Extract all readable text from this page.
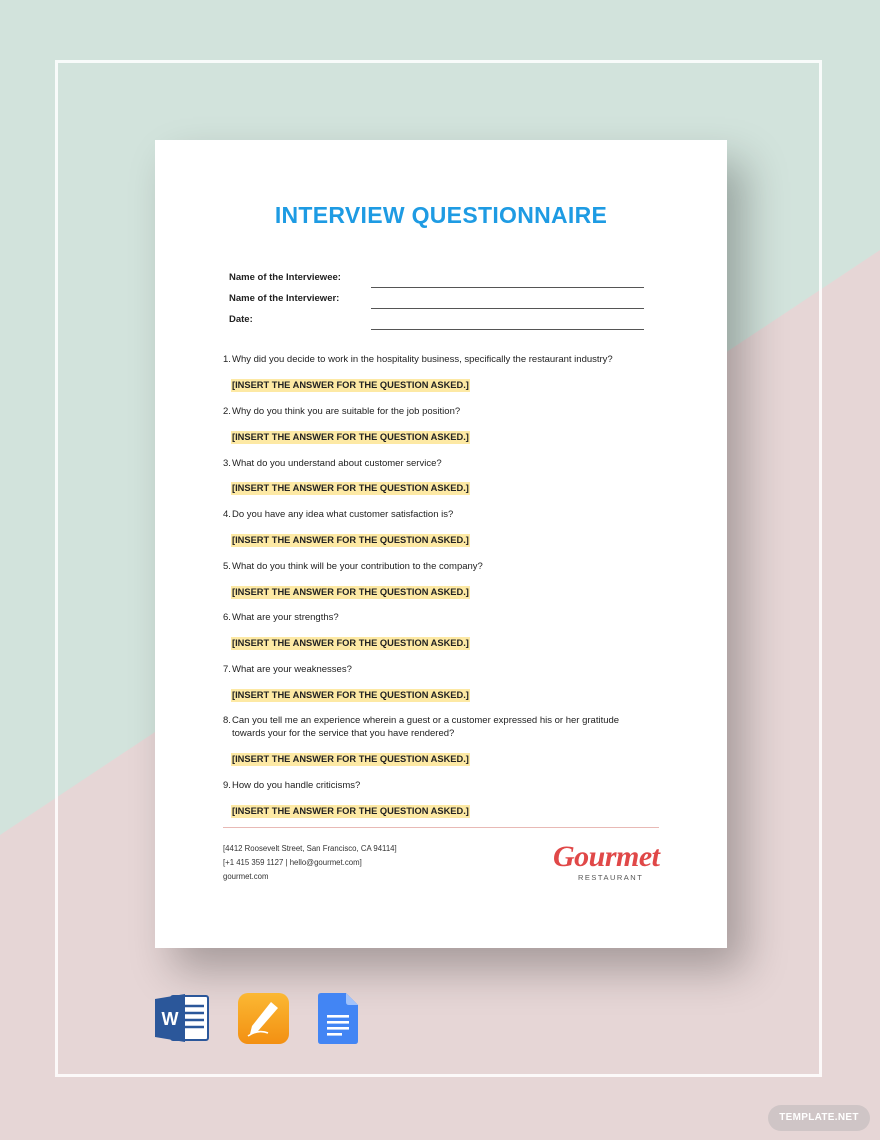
INTERVIEW QUESTIONNAIRE
Name of the Interviewee:
Name of the Interviewer:
Date:
1.Why did you decide to work in the hospitality business, specifically the restaurant industry?
[INSERT THE ANSWER FOR THE QUESTION ASKED.]
2.Why do you think you are suitable for the job position?
[INSERT THE ANSWER FOR THE QUESTION ASKED.]
3.What do you understand about customer service?
[INSERT THE ANSWER FOR THE QUESTION ASKED.]
4.Do you have any idea what customer satisfaction is?
[INSERT THE ANSWER FOR THE QUESTION ASKED.]
5.What do you think will be your contribution to the company?
[INSERT THE ANSWER FOR THE QUESTION ASKED.]
6.What are your strengths?
[INSERT THE ANSWER FOR THE QUESTION ASKED.]
7.What are your weaknesses?
[INSERT THE ANSWER FOR THE QUESTION ASKED.]
8. Can you tell me an experience wherein a guest or a customer expressed his or her gratitude towards your for the service that you have rendered?
[INSERT THE ANSWER FOR THE QUESTION ASKED.]
9.How do you handle criticisms?
[INSERT THE ANSWER FOR THE QUESTION ASKED.]
[4412 Roosevelt Street, San Francisco, CA 94114]
[+1 415 359 1127 | hello@gourmet.com]
gourmet.com
Gourmet
RESTAURANT
W
TEMPLATE.NET
